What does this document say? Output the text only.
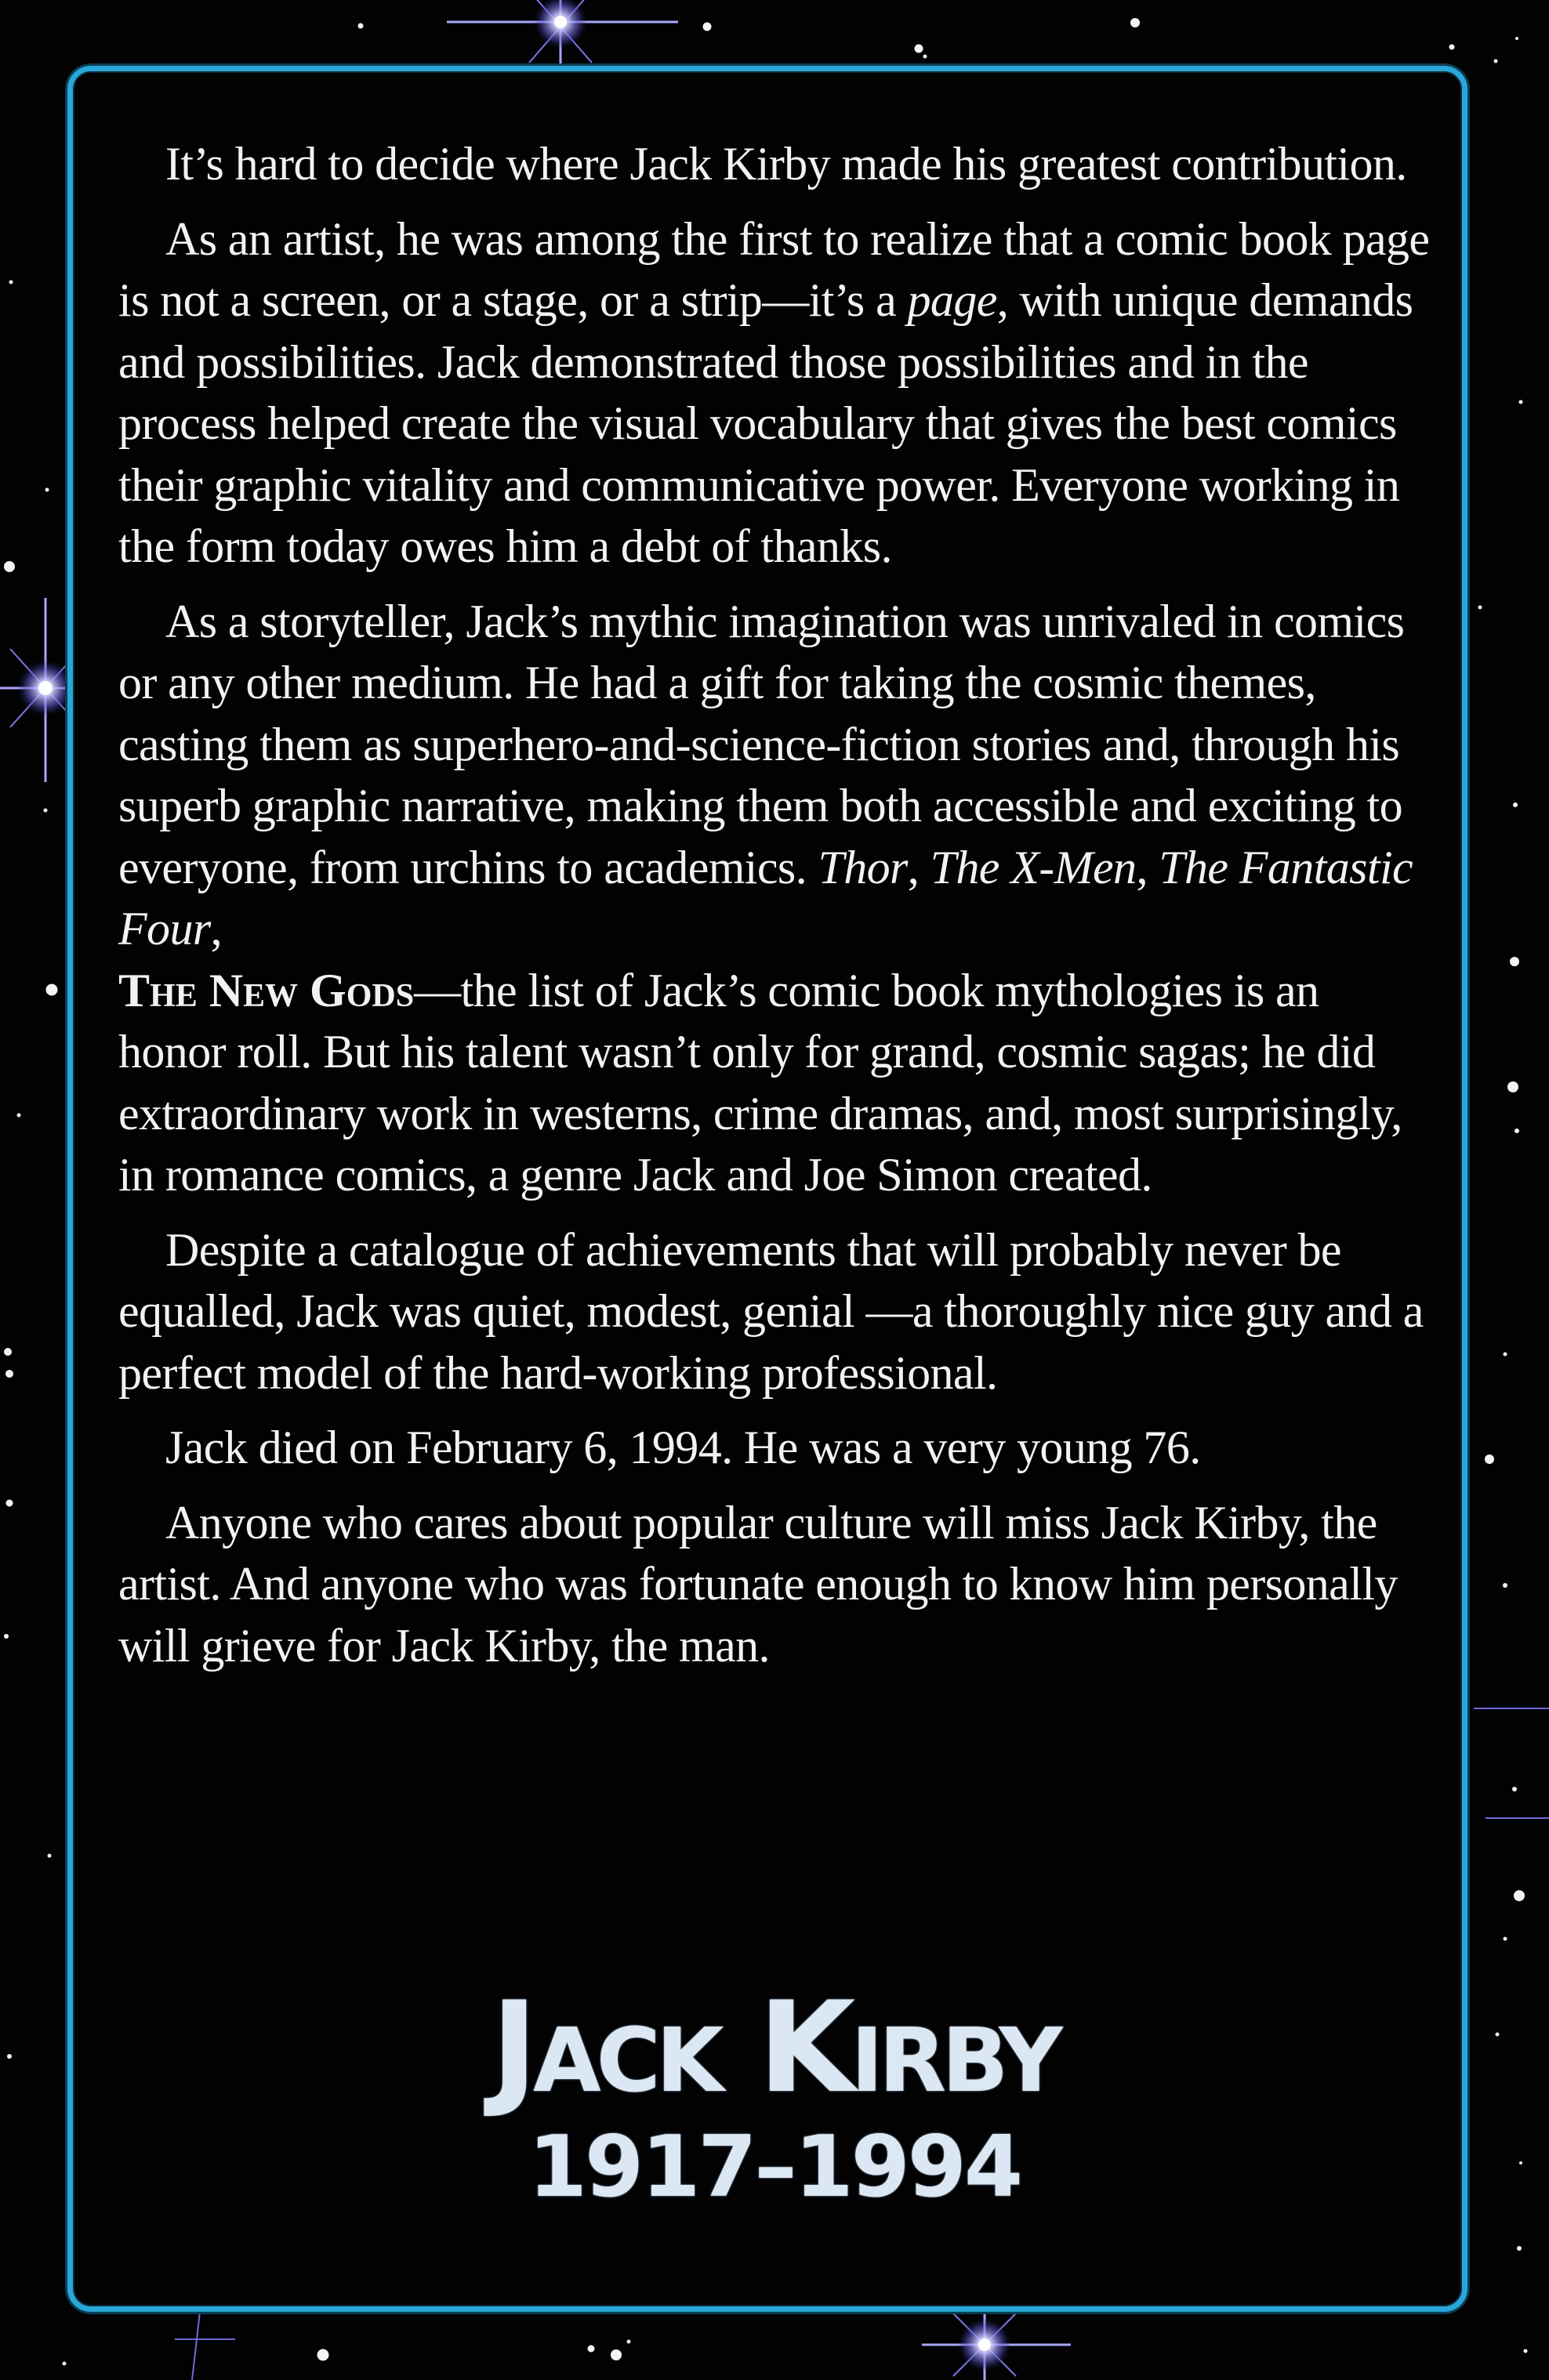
It’s hard to decide where Jack Kirby made his greatest contribution.

As an artist, he was among the first to realize that a comic book page is not a screen, or a stage, or a strip—it’s a page, with unique demands and possibilities. Jack demonstrated those possibilities and in the process helped create the visual vocabulary that gives the best comics their graphic vitality and communicative power. Everyone working in the form today owes him a debt of thanks.

As a storyteller, Jack’s mythic imagination was unrivaled in comics or any other medium. He had a gift for taking the cosmic themes, casting them as superhero-and-science-fiction stories and, through his superb graphic narrative, making them both accessible and exciting to everyone, from urchins to academics. Thor, The X-Men, The Fantastic Four,
The New Gods—the list of Jack’s comic book mythologies is an honor roll. But his talent wasn’t only for grand, cosmic sagas; he did extraordinary work in westerns, crime dramas, and, most surprisingly, in romance comics, a genre Jack and Joe Simon created.

Despite a catalogue of achievements that will probably never be equalled, Jack was quiet, modest, genial —a thoroughly nice guy and a perfect model of the hard-working professional.

Jack died on February 6, 1994. He was a very young 76.

Anyone who cares about popular culture will miss Jack Kirby, the artist. And anyone who was fortunate enough to know him personally will grieve for Jack Kirby, the man.

Jack Kirby
1917–1994
